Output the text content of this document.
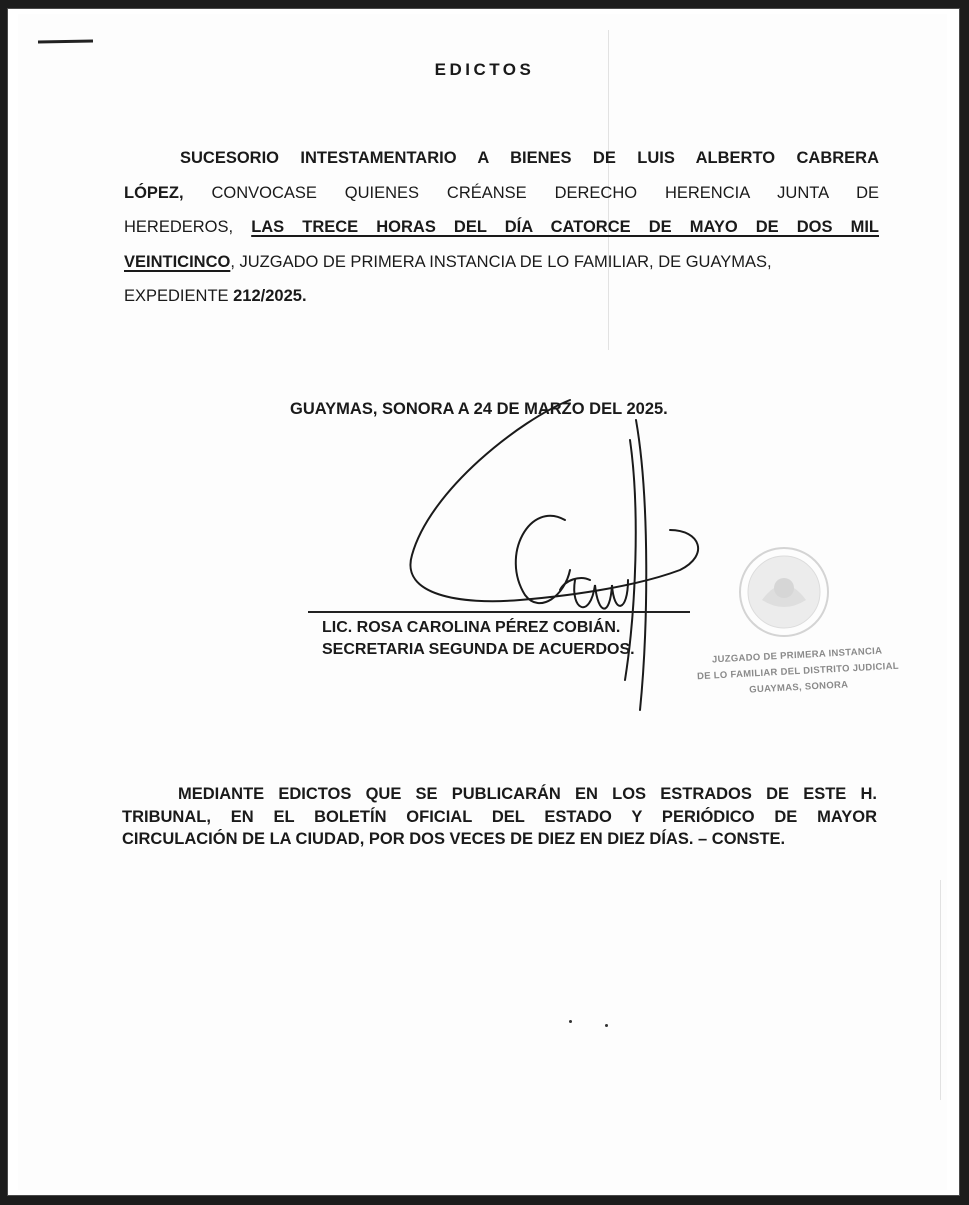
EDICTOS
SUCESORIO INTESTAMENTARIO A BIENES DE LUIS ALBERTO CABRERA
LÓPEZ, CONVOCASE QUIENES CRÉANSE DERECHO HERENCIA JUNTA DE
HEREDEROS, LAS TRECE HORAS DEL DÍA CATORCE DE MAYO DE DOS MIL
VEINTICINCO, JUZGADO DE PRIMERA INSTANCIA DE LO FAMILIAR, DE GUAYMAS,
EXPEDIENTE 212/2025.
GUAYMAS, SONORA A 24 DE MARZO DEL 2025.
LIC. ROSA CAROLINA PÉREZ COBIÁN.
SECRETARIA SEGUNDA DE ACUERDOS.	JUZGADO DE PRIMERA INSTANCIA
DE LO FAMILIAR DEL DISTRITO JUDICIAL
GUAYMAS, SONORA
MEDIANTE EDICTOS QUE SE PUBLICARÁN EN LOS ESTRADOS DE ESTE H.
TRIBUNAL, EN EL BOLETÍN OFICIAL DEL ESTADO Y PERIÓDICO DE MAYOR
CIRCULACIÓN DE LA CIUDAD, POR DOS VECES DE DIEZ EN DIEZ DÍAS. – CONSTE.
